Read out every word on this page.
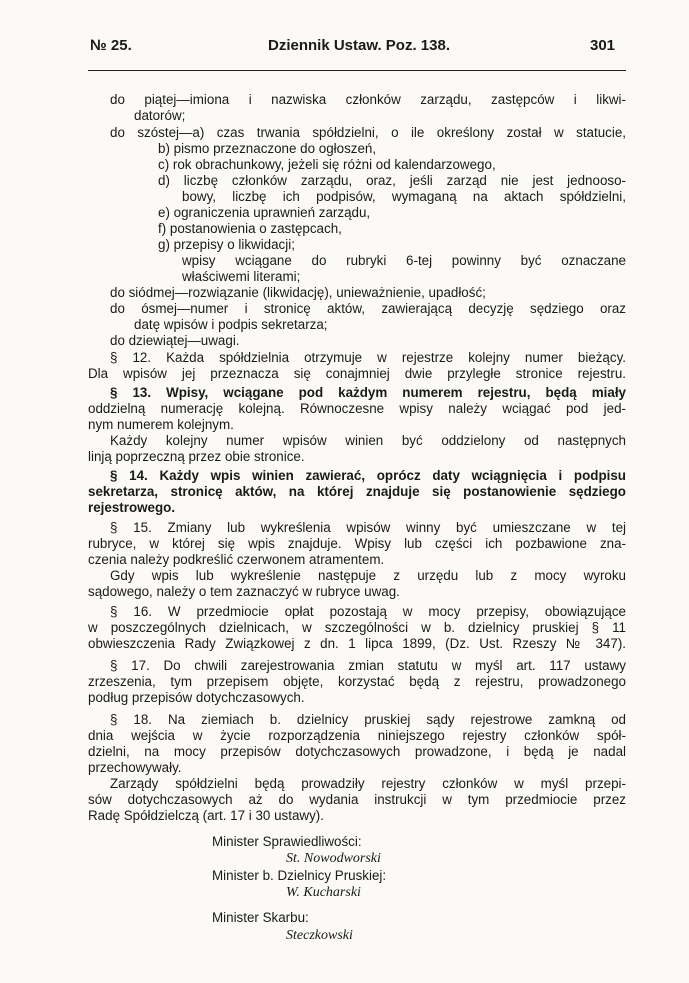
№ 25.	Dziennik Ustaw. Poz. 138.	301
do piątej—imiona i nazwiska członków zarządu, zastępców i likwi-
datorów;
do szóstej—a) czas trwania spółdzielni, o ile określony został w statucie,
b) pismo przeznaczone do ogłoszeń,
c) rok obrachunkowy, jeżeli się różni od kalendarzowego,
d) liczbę członków zarządu, oraz, jeśli zarząd nie jest jednooso-
bowy, liczbę ich podpisów, wymaganą na aktach spółdzielni,
e) ograniczenia uprawnień zarządu,
f) postanowienia o zastępcach,
g) przepisy o likwidacji;
wpisy wciągane do rubryki 6-tej powinny być oznaczane
właściwemi literami;
do siódmej—rozwiązanie (likwidację), unieważnienie, upadłość;
do ósmej—numer i stronicę aktów, zawierającą decyzję sędziego oraz
datę wpisów i podpis sekretarza;
do dziewiątej—uwagi.
§ 12. Każda spółdzielnia otrzymuje w rejestrze kolejny numer bieżący.
Dla wpisów jej przeznacza się conajmniej dwie przyległe stronice rejestru.
§ 13. Wpisy, wciągane pod każdym numerem rejestru, będą miały
oddzielną numerację kolejną. Równoczesne wpisy należy wciągać pod jed-
nym numerem kolejnym.
Każdy kolejny numer wpisów winien być oddzielony od następnych
linją poprzeczną przez obie stronice.
§ 14. Każdy wpis winien zawierać, oprócz daty wciągnięcia i podpisu
sekretarza, stronicę aktów, na której znajduje się postanowienie sędziego
rejestrowego.
§ 15. Zmiany lub wykreślenia wpisów winny być umieszczane w tej
rubryce, w której się wpis znajduje. Wpisy lub części ich pozbawione zna-
czenia należy podkreślić czerwonem atramentem.
Gdy wpis lub wykreślenie następuje z urzędu lub z mocy wyroku
sądowego, należy o tem zaznaczyć w rubryce uwag.
§ 16. W przedmiocie opłat pozostają w mocy przepisy, obowiązujące
w poszczególnych dzielnicach, w szczególności w b. dzielnicy pruskiej § 11
obwieszczenia Rady Związkowej z dn. 1 lipca 1899, (Dz. Ust. Rzeszy № 347).
§ 17. Do chwili zarejestrowania zmian statutu w myśl art. 117 ustawy
zrzeszenia, tym przepisem objęte, korzystać będą z rejestru, prowadzonego
podług przepisów dotychczasowych.
§ 18. Na ziemiach b. dzielnicy pruskiej sądy rejestrowe zamkną od
dnia wejścia w życie rozporządzenia niniejszego rejestry członków spół-
dzielni, na mocy przepisów dotychczasowych prowadzone, i będą je nadal
przechowywały.
Zarządy spółdzielni będą prowadziły rejestry członków w myśl przepi-
sów dotychczasowych aż do wydania instrukcji w tym przedmiocie przez
Radę Spółdzielczą (art. 17 i 30 ustawy).
Minister Sprawiedliwości:
St. Nowodworski
Minister b. Dzielnicy Pruskiej:
W. Kucharski
Minister Skarbu:
Steczkowski
